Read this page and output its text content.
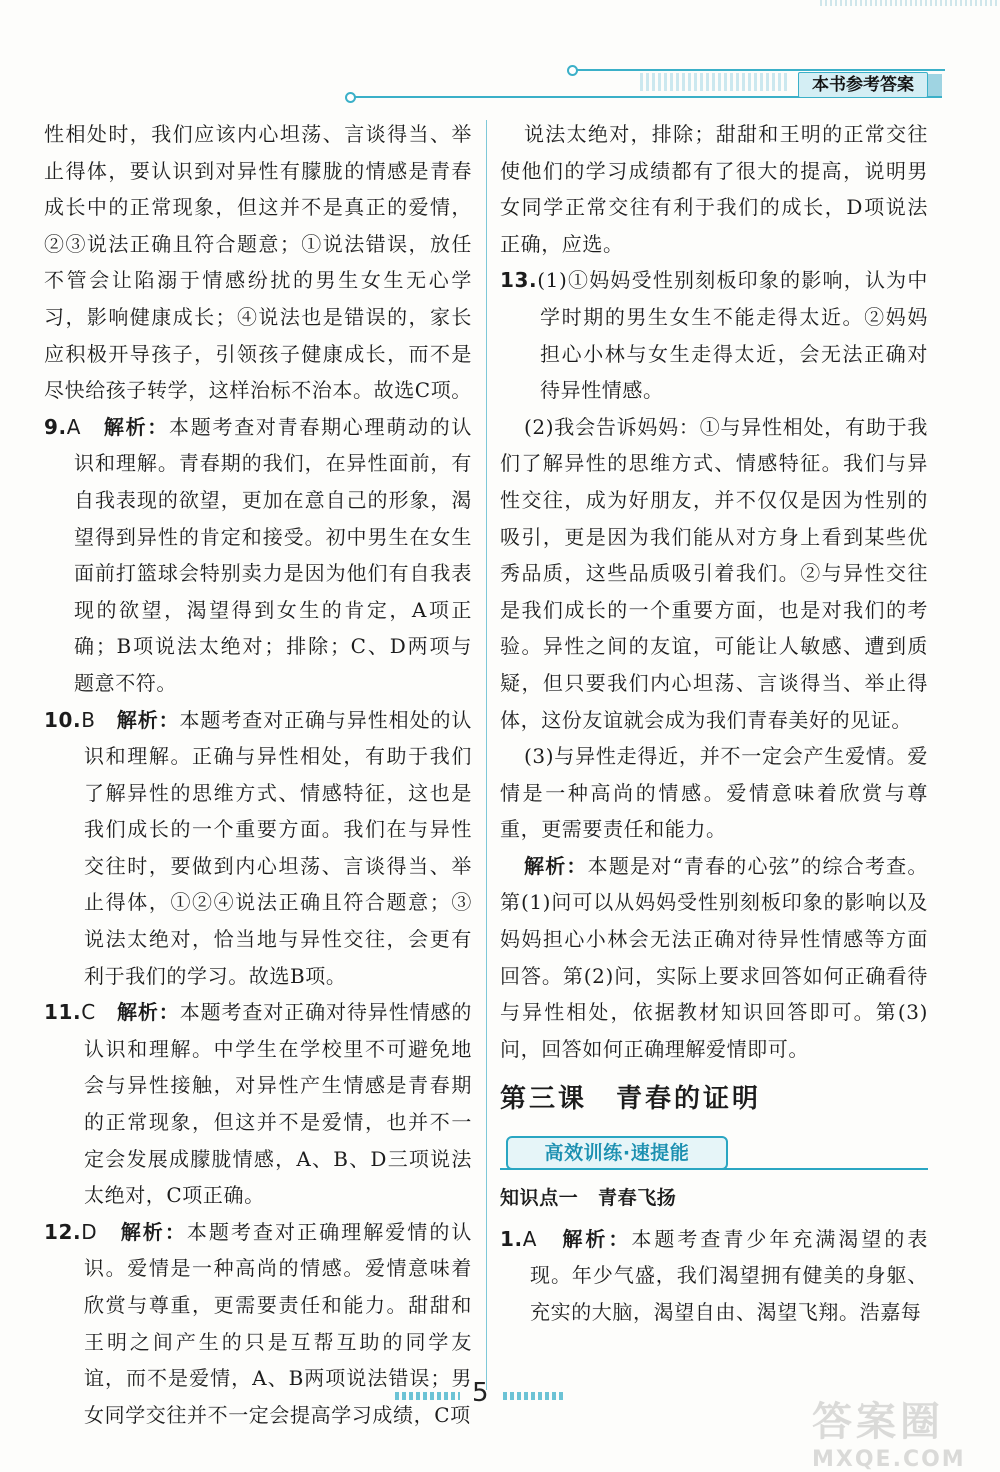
本书参考答案

性相处时，我们应该内心坦荡、言谈得当、举止得体，要认识到对异性有朦胧的情感是青春成长中的正常现象，但这并不是真正的爱情，②③说法正确且符合题意；①说法错误，放任不管会让陷溺于情感纷扰的男生女生无心学习，影响健康成长；④说法也是错误的，家长应积极开导孩子，引领孩子健康成长，而不是尽快给孩子转学，这样治标不治本。故选C项。

9.A　 解析：本题考查对青春期心理萌动的认识和理解。青春期的我们，在异性面前，有自我表现的欲望，更加在意自己的形象，渴望得到异性的肯定和接受。初中男生在女生面前打篮球会特别卖力是因为他们有自我表现的欲望，渴望得到女生的肯定，A项正确；B项说法太绝对；排除；C、D两项与题意不符。

10.B　 解析：本题考查对正确与异性相处的认识和理解。正确与异性相处，有助于我们了解异性的思维方式、情感特征，这也是我们成长的一个重要方面。我们在与异性交往时，要做到内心坦荡、言谈得当、举止得体，①②④说法正确且符合题意；③说法太绝对，恰当地与异性交往，会更有利于我们的学习。故选B项。

11.C　 解析：本题考查对正确对待异性情感的认识和理解。中学生在学校里不可避免地会与异性接触，对异性产生情感是青春期的正常现象，但这并不是爱情，也并不一定会发展成朦胧情感，A、B、D三项说法太绝对，C项正确。

12.D　 解析：本题考查对正确理解爱情的认识。爱情是一种高尚的情感。爱情意味着欣赏与尊重，更需要责任和能力。甜甜和王明之间产生的只是互帮互助的同学友谊，而不是爱情，A、B两项说法错误；男女同学交往并不一定会提高学习成绩，C项

说法太绝对，排除；甜甜和王明的正常交往使他们的学习成绩都有了很大的提高，说明男女同学正常交往有利于我们的成长，D项说法正确，应选。

13.(1)①妈妈受性别刻板印象的影响，认为中学时期的男生女生不能走得太近。②妈妈担心小林与女生走得太近，会无法正确对待异性情感。

(2)我会告诉妈妈：①与异性相处，有助于我们了解异性的思维方式、情感特征。我们与异性交往，成为好朋友，并不仅仅是因为性别的吸引，更是因为我们能从对方身上看到某些优秀品质，这些品质吸引着我们。②与异性交往是我们成长的一个重要方面，也是对我们的考验。异性之间的友谊，可能让人敏感、遭到质疑，但只要我们内心坦荡、言谈得当、举止得体，这份友谊就会成为我们青春美好的见证。

(3)与异性走得近，并不一定会产生爱情。爱情是一种高尚的情感。爱情意味着欣赏与尊重，更需要责任和能力。

解析：本题是对“青春的心弦”的综合考查。第(1)问可以从妈妈受性别刻板印象的影响以及妈妈担心小林会无法正确对待异性情感等方面回答。第(2)问，实际上要求回答如何正确看待与异性相处，依据教材知识回答即可。第(3)问，回答如何正确理解爱情即可。

第三课　青春的证明

高效训练·速提能

知识点一　青春飞扬

1.A　 解析：本题考查青少年充满渴望的表现。年少气盛，我们渴望拥有健美的身躯、充实的大脑，渴望自由、渴望飞翔。浩嘉每

5
答案圈
MXQE.COM
